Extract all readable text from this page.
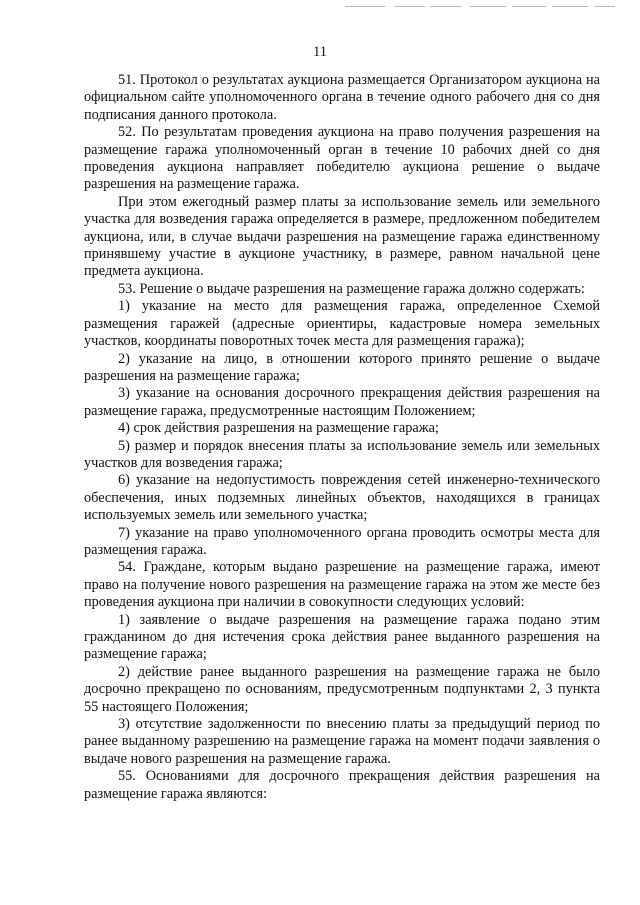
11

51. Протокол о результатах аукциона размещается Организатором аукциона на официальном сайте уполномоченного органа в течение одного рабочего дня со дня подписания данного протокола.

52. По результатам проведения аукциона на право получения разрешения на размещение гаража уполномоченный орган в течение 10 рабочих дней со дня проведения аукциона направляет победителю аукциона решение о выдаче разрешения на размещение гаража.

При этом ежегодный размер платы за использование земель или земельного участка для возведения гаража определяется в размере, предложенном победителем аукциона, или, в случае выдачи разрешения на размещение гаража единственному принявшему участие в аукционе участнику, в размере, равном начальной цене предмета аукциона.

53. Решение о выдаче разрешения на размещение гаража должно содержать:

1) указание на место для размещения гаража, определенное Схемой размещения гаражей (адресные ориентиры, кадастровые номера земельных участков, координаты поворотных точек места для размещения гаража);

2) указание на лицо, в отношении которого принято решение о выдаче разрешения на размещение гаража;

3) указание на основания досрочного прекращения действия разрешения на размещение гаража, предусмотренные настоящим Положением;

4) срок действия разрешения на размещение гаража;

5) размер и порядок внесения платы за использование земель или земельных участков для возведения гаража;

6) указание на недопустимость повреждения сетей инженерно-технического обеспечения, иных подземных линейных объектов, находящихся в границах используемых земель или земельного участка;

7) указание на право уполномоченного органа проводить осмотры места для размещения гаража.

54. Граждане, которым выдано разрешение на размещение гаража, имеют право на получение нового разрешения на размещение гаража на этом же месте без проведения аукциона при наличии в совокупности следующих условий:

1) заявление о выдаче разрешения на размещение гаража подано этим гражданином до дня истечения срока действия ранее выданного разрешения на размещение гаража;

2) действие ранее выданного разрешения на размещение гаража не было досрочно прекращено по основаниям, предусмотренным подпунктами 2, 3 пункта 55 настоящего Положения;

3) отсутствие задолженности по внесению платы за предыдущий период по ранее выданному разрешению на размещение гаража на момент подачи заявления о выдаче нового разрешения на размещение гаража.

55. Основаниями для досрочного прекращения действия разрешения на размещение гаража являются:
